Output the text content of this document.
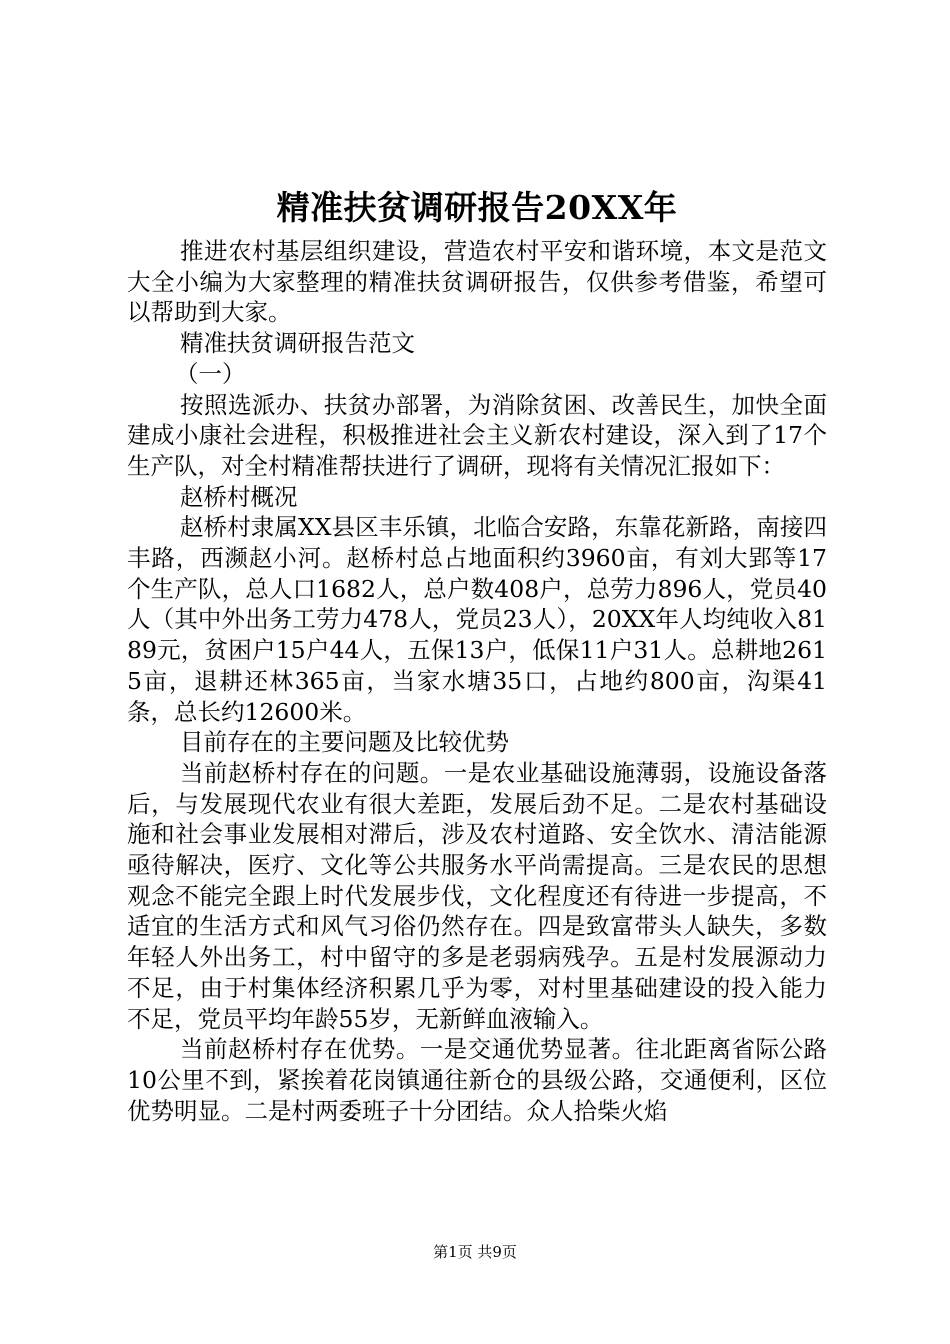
精准扶贫调研报告20XX年

推进农村基层组织建设，营造农村平安和谐环境，本文是范文大全小编为大家整理的精准扶贫调研报告，仅供参考借鉴，希望可以帮助到大家。

精准扶贫调研报告范文

（一）

按照选派办、扶贫办部署，为消除贫困、改善民生，加快全面建成小康社会进程，积极推进社会主义新农村建设，深入到了17个生产队，对全村精准帮扶进行了调研，现将有关情况汇报如下：

赵桥村概况

赵桥村隶属XX县区丰乐镇，北临合安路，东靠花新路，南接四丰路，西濒赵小河。赵桥村总占地面积约3960亩，有刘大郢等17个生产队，总人口1682人，总户数408户，总劳力896人，党员40人（其中外出务工劳力478人，党员23人），20XX年人均纯收入8189元，贫困户15户44人，五保13户，低保11户31人。总耕地2615亩，退耕还林365亩，当家水塘35口，占地约800亩，沟渠41条，总长约12600米。

目前存在的主要问题及比较优势

当前赵桥村存在的问题。一是农业基础设施薄弱，设施设备落后，与发展现代农业有很大差距，发展后劲不足。二是农村基础设施和社会事业发展相对滞后，涉及农村道路、安全饮水、清洁能源亟待解决，医疗、文化等公共服务水平尚需提高。三是农民的思想观念不能完全跟上时代发展步伐，文化程度还有待进一步提高，不适宜的生活方式和风气习俗仍然存在。四是致富带头人缺失，多数年轻人外出务工，村中留守的多是老弱病残孕。五是村发展源动力不足，由于村集体经济积累几乎为零，对村里基础建设的投入能力不足，党员平均年龄55岁，无新鲜血液输入。

当前赵桥村存在优势。一是交通优势显著。往北距离省际公路10公里不到，紧挨着花岗镇通往新仓的县级公路，交通便利，区位优势明显。二是村两委班子十分团结。众人拾柴火焰

第1页 共9页
